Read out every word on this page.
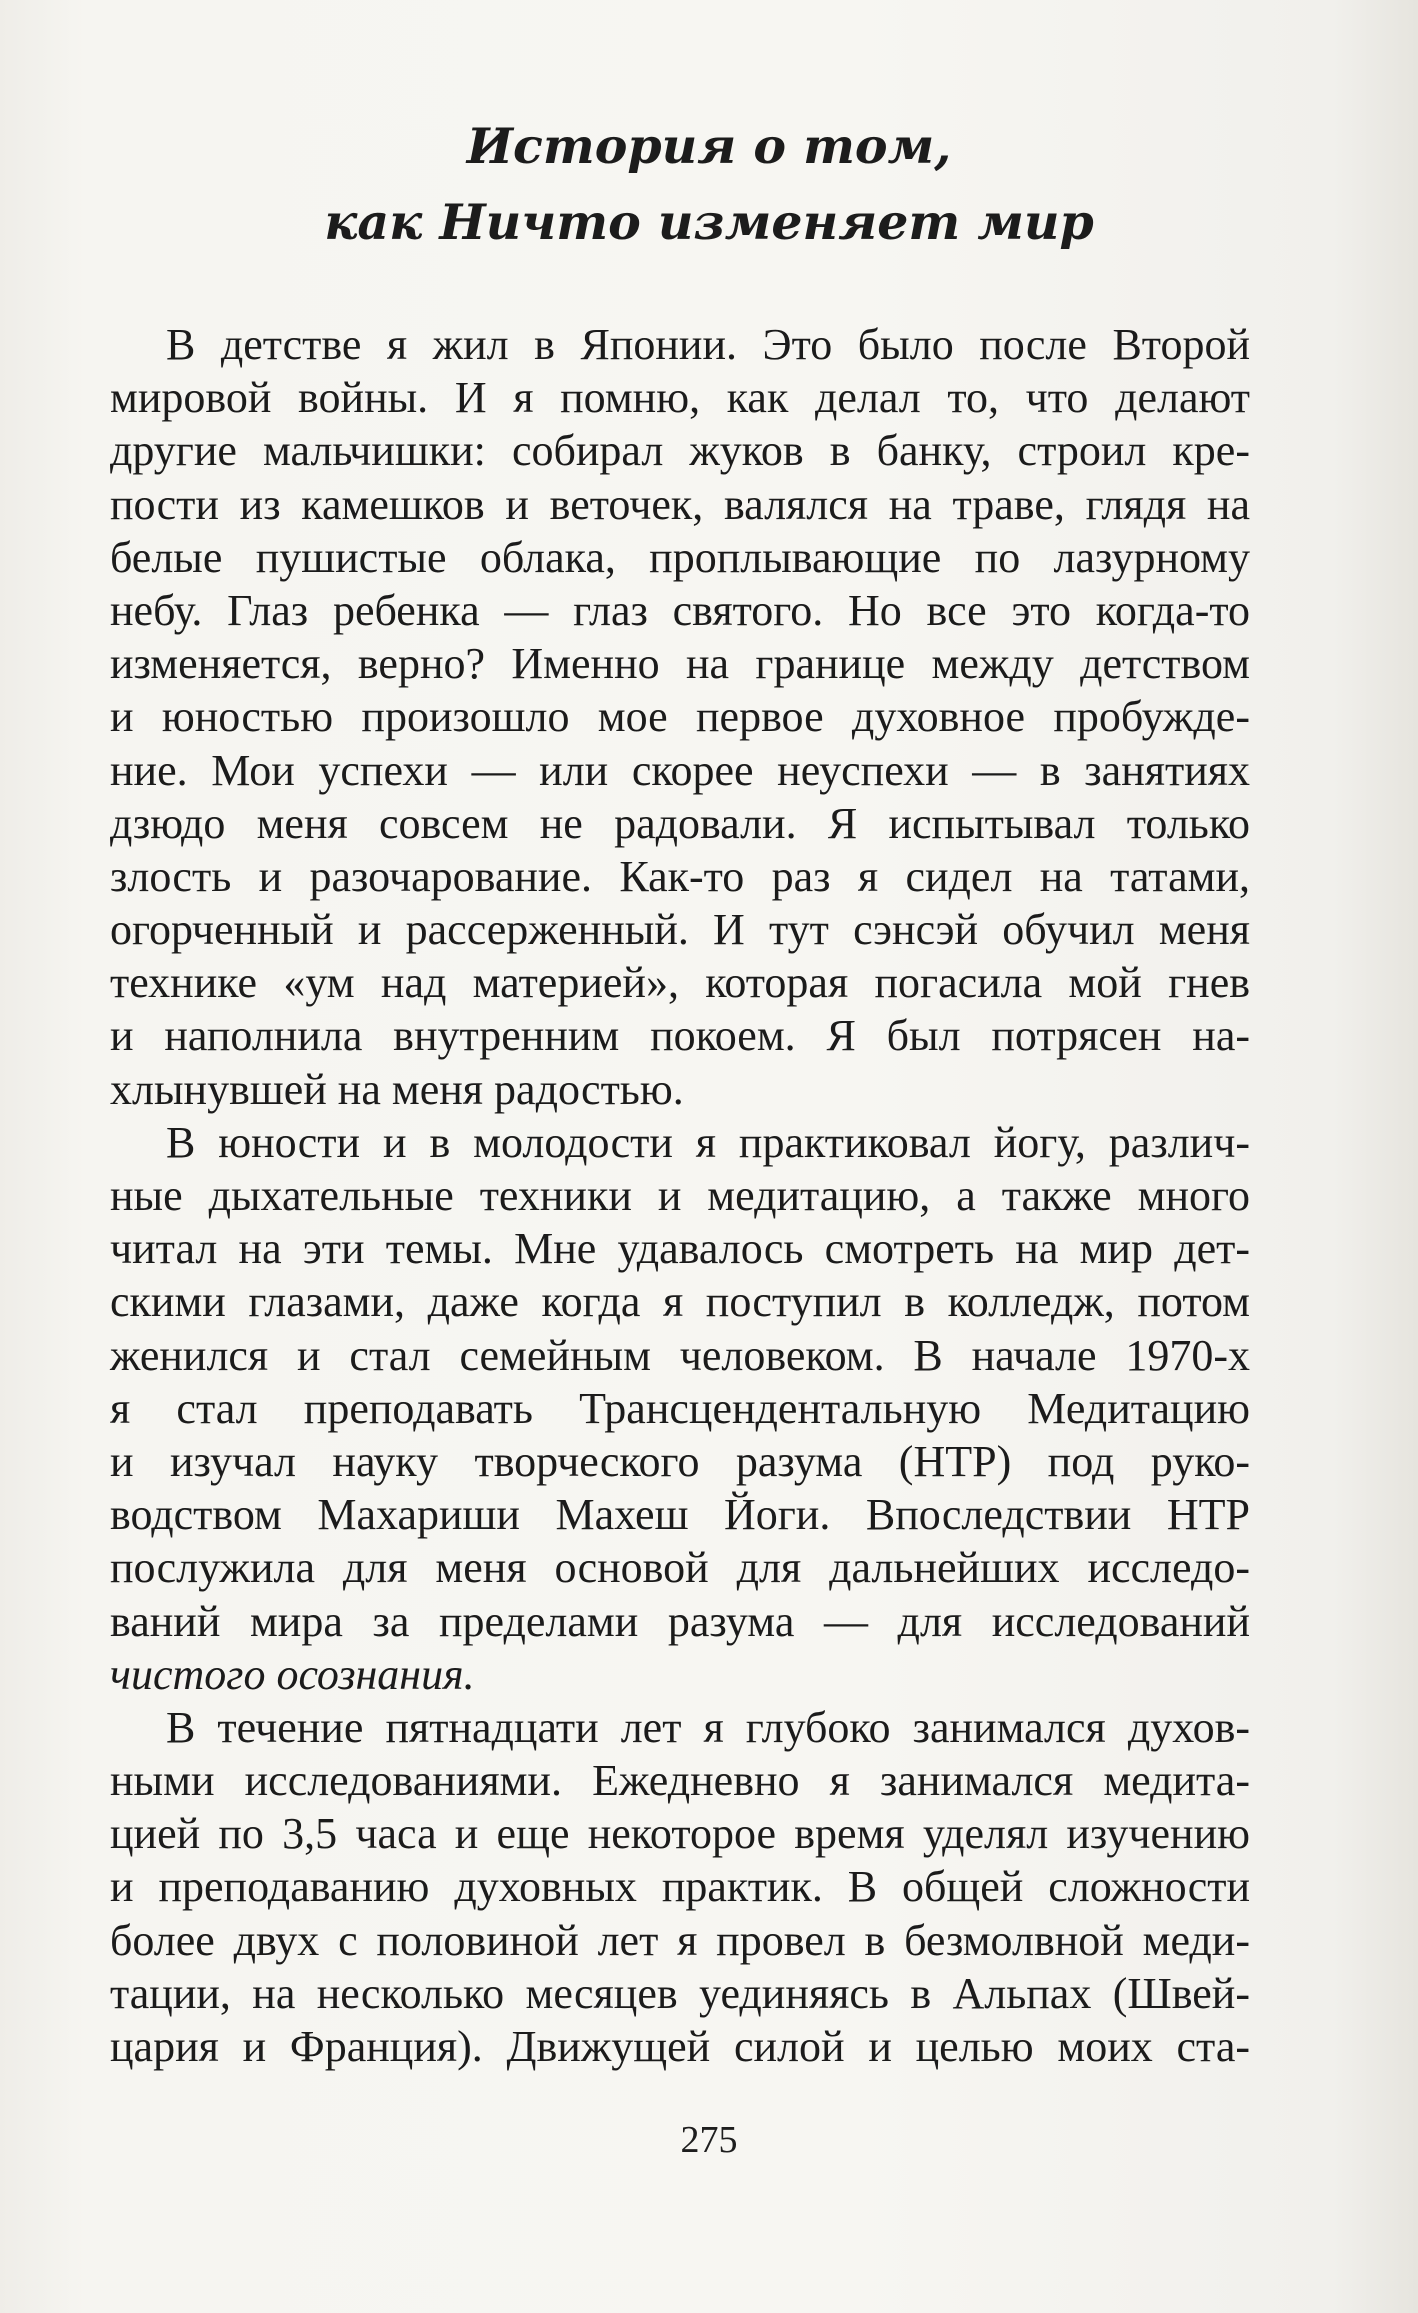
История о том,
как Ничто изменяет мир
В детстве я жил в Японии. Это было после Второй
мировой войны. И я помню, как делал то, что делают
другие мальчишки: собирал жуков в банку, строил кре-
пости из камешков и веточек, валялся на траве, глядя на
белые пушистые облака, проплывающие по лазурному
небу. Глаз ребенка — глаз святого. Но все это когда-то
изменяется, верно? Именно на границе между детством
и юностью произошло мое первое духовное пробужде-
ние. Мои успехи — или скорее неуспехи — в занятиях
дзюдо меня совсем не радовали. Я испытывал только
злость и разочарование. Как-то раз я сидел на татами,
огорченный и рассерженный. И тут сэнсэй обучил меня
технике «ум над материей», которая погасила мой гнев
и наполнила внутренним покоем. Я был потрясен на-
хлынувшей на меня радостью.
В юности и в молодости я практиковал йогу, различ-
ные дыхательные техники и медитацию, а также много
читал на эти темы. Мне удавалось смотреть на мир дет-
скими глазами, даже когда я поступил в колледж, потом
женился и стал семейным человеком. В начале 1970-х
я стал преподавать Трансцендентальную Медитацию
и изучал науку творческого разума (НТР) под руко-
водством Махариши Махеш Йоги. Впоследствии НТР
послужила для меня основой для дальнейших исследо-
ваний мира за пределами разума — для исследований
чистого осознания.
В течение пятнадцати лет я глубоко занимался духов-
ными исследованиями. Ежедневно я занимался медита-
цией по 3,5 часа и еще некоторое время уделял изучению
и преподаванию духовных практик. В общей сложности
более двух с половиной лет я провел в безмолвной меди-
тации, на несколько месяцев уединяясь в Альпах (Швей-
цария и Франция). Движущей силой и целью моих ста-
275
